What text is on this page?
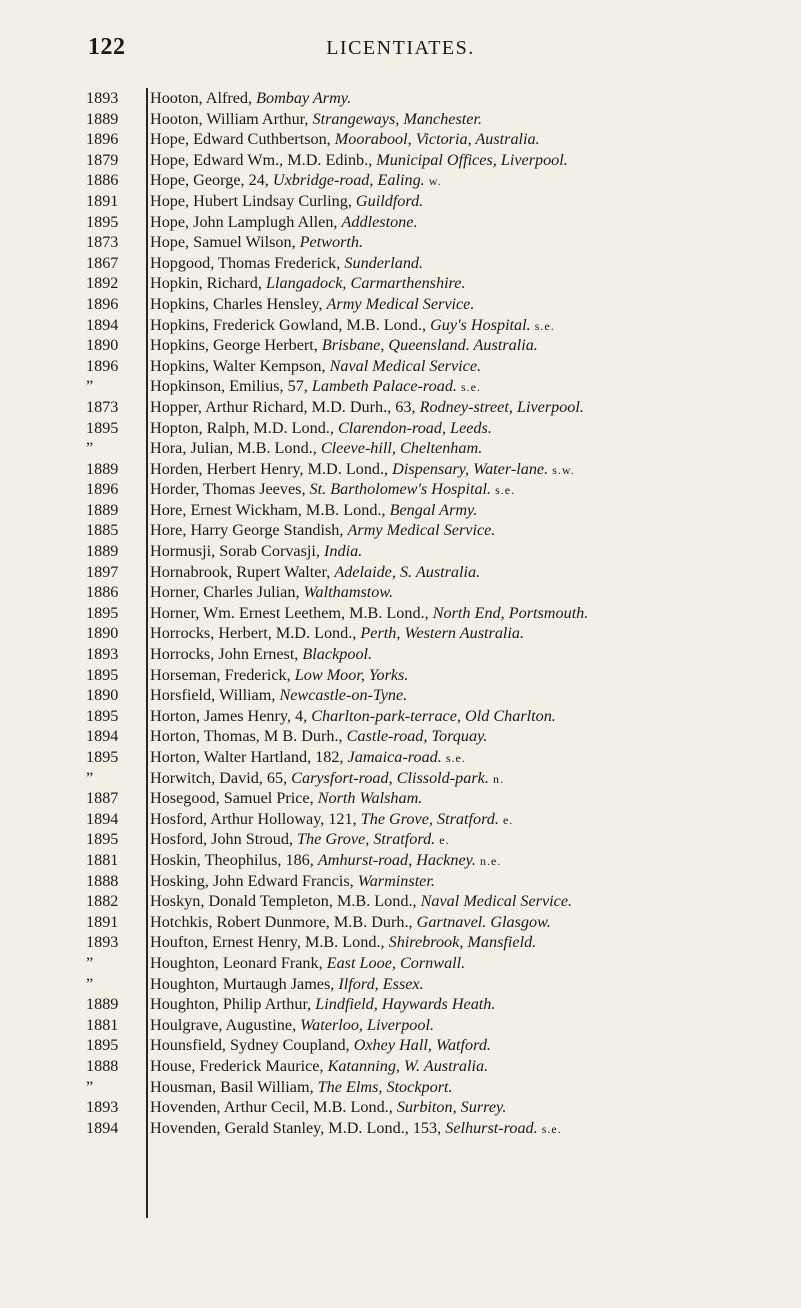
122	LICENTIATES.
1893	Hooton, Alfred, Bombay Army.
1889	Hooton, William Arthur, Strangeways, Manchester.
1896	Hope, Edward Cuthbertson, Moorabool, Victoria, Australia.
1879	Hope, Edward Wm., M.D. Edinb., Municipal Offices, Liverpool.
1886	Hope, George, 24, Uxbridge-road, Ealing. w.
1891	Hope, Hubert Lindsay Curling, Guildford.
1895	Hope, John Lamplugh Allen, Addlestone.
1873	Hope, Samuel Wilson, Petworth.
1867	Hopgood, Thomas Frederick, Sunderland.
1892	Hopkin, Richard, Llangadock, Carmarthenshire.
1896	Hopkins, Charles Hensley, Army Medical Service.
1894	Hopkins, Frederick Gowland, M.B. Lond., Guy's Hospital. s.e.
1890	Hopkins, George Herbert, Brisbane, Queensland. Australia.
1896	Hopkins, Walter Kempson, Naval Medical Service.
”	Hopkinson, Emilius, 57, Lambeth Palace-road. s.e.
1873	Hopper, Arthur Richard, M.D. Durh., 63, Rodney-street, Liverpool.
1895	Hopton, Ralph, M.D. Lond., Clarendon-road, Leeds.
”	Hora, Julian, M.B. Lond., Cleeve-hill, Cheltenham.
1889	Horden, Herbert Henry, M.D. Lond., Dispensary, Water-lane. s.w.
1896	Horder, Thomas Jeeves, St. Bartholomew's Hospital. s.e.
1889	Hore, Ernest Wickham, M.B. Lond., Bengal Army.
1885	Hore, Harry George Standish, Army Medical Service.
1889	Hormusji, Sorab Corvasji, India.
1897	Hornabrook, Rupert Walter, Adelaide, S. Australia.
1886	Horner, Charles Julian, Walthamstow.
1895	Horner, Wm. Ernest Leethem, M.B. Lond., North End, Portsmouth.
1890	Horrocks, Herbert, M.D. Lond., Perth, Western Australia.
1893	Horrocks, John Ernest, Blackpool.
1895	Horseman, Frederick, Low Moor, Yorks.
1890	Horsfield, William, Newcastle-on-Tyne.
1895	Horton, James Henry, 4, Charlton-park-terrace, Old Charlton.
1894	Horton, Thomas, M B. Durh., Castle-road, Torquay.
1895	Horton, Walter Hartland, 182, Jamaica-road. s.e.
”	Horwitch, David, 65, Carysfort-road, Clissold-park. n.
1887	Hosegood, Samuel Price, North Walsham.
1894	Hosford, Arthur Holloway, 121, The Grove, Stratford. e.
1895	Hosford, John Stroud, The Grove, Stratford. e.
1881	Hoskin, Theophilus, 186, Amhurst-road, Hackney. n.e.
1888	Hosking, John Edward Francis, Warminster.
1882	Hoskyn, Donald Templeton, M.B. Lond., Naval Medical Service.
1891	Hotchkis, Robert Dunmore, M.B. Durh., Gartnavel. Glasgow.
1893	Houfton, Ernest Henry, M.B. Lond., Shirebrook, Mansfield.
”	Houghton, Leonard Frank, East Looe, Cornwall.
”	Houghton, Murtaugh James, Ilford, Essex.
1889	Houghton, Philip Arthur, Lindfield, Haywards Heath.
1881	Houlgrave, Augustine, Waterloo, Liverpool.
1895	Hounsfield, Sydney Coupland, Oxhey Hall, Watford.
1888	House, Frederick Maurice, Katanning, W. Australia.
”	Housman, Basil William, The Elms, Stockport.
1893	Hovenden, Arthur Cecil, M.B. Lond., Surbiton, Surrey.
1894	Hovenden, Gerald Stanley, M.D. Lond., 153, Selhurst-road. s.e.
